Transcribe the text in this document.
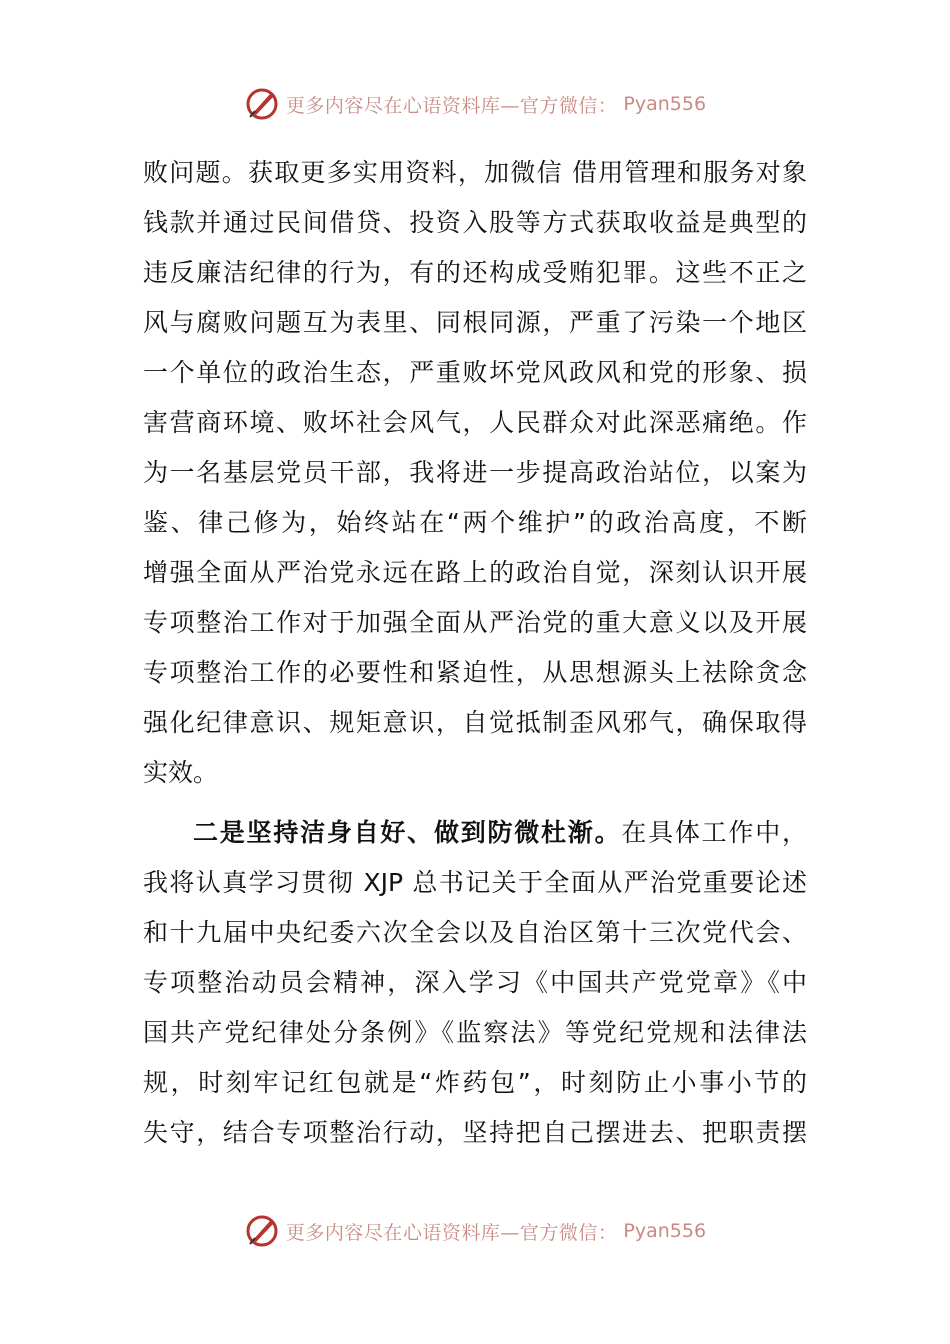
更多内容尽在心语资料库—官方微信： Pyan556
败问题。获取更多实用资料，加微信 借用管理和服务对象
钱款并通过民间借贷、投资入股等方式获取收益是典型的
违反廉洁纪律的行为，有的还构成受贿犯罪。这些不正之
风与腐败问题互为表里、同根同源，严重了污染一个地区
一个单位的政治生态，严重败坏党风政风和党的形象、损
害营商环境、败坏社会风气，人民群众对此深恶痛绝。作
为一名基层党员干部，我将进一步提高政治站位，以案为
鉴、律己修为，始终站在“两个维护”的政治高度，不断
增强全面从严治党永远在路上的政治自觉，深刻认识开展
专项整治工作对于加强全面从严治党的重大意义以及开展
专项整治工作的必要性和紧迫性，从思想源头上祛除贪念
强化纪律意识、规矩意识，自觉抵制歪风邪气，确保取得
实效。
二是坚持洁身自好、做到防微杜渐。在具体工作中，
我将认真学习贯彻 XJP 总书记关于全面从严治党重要论述
和十九届中央纪委六次全会以及自治区第十三次党代会、
专项整治动员会精神，深入学习《中国共产党党章》《中
国共产党纪律处分条例》《监察法》等党纪党规和法律法
规，时刻牢记红包就是“炸药包”，时刻防止小事小节的
失守，结合专项整治行动，坚持把自己摆进去、把职责摆
更多内容尽在心语资料库—官方微信： Pyan556
